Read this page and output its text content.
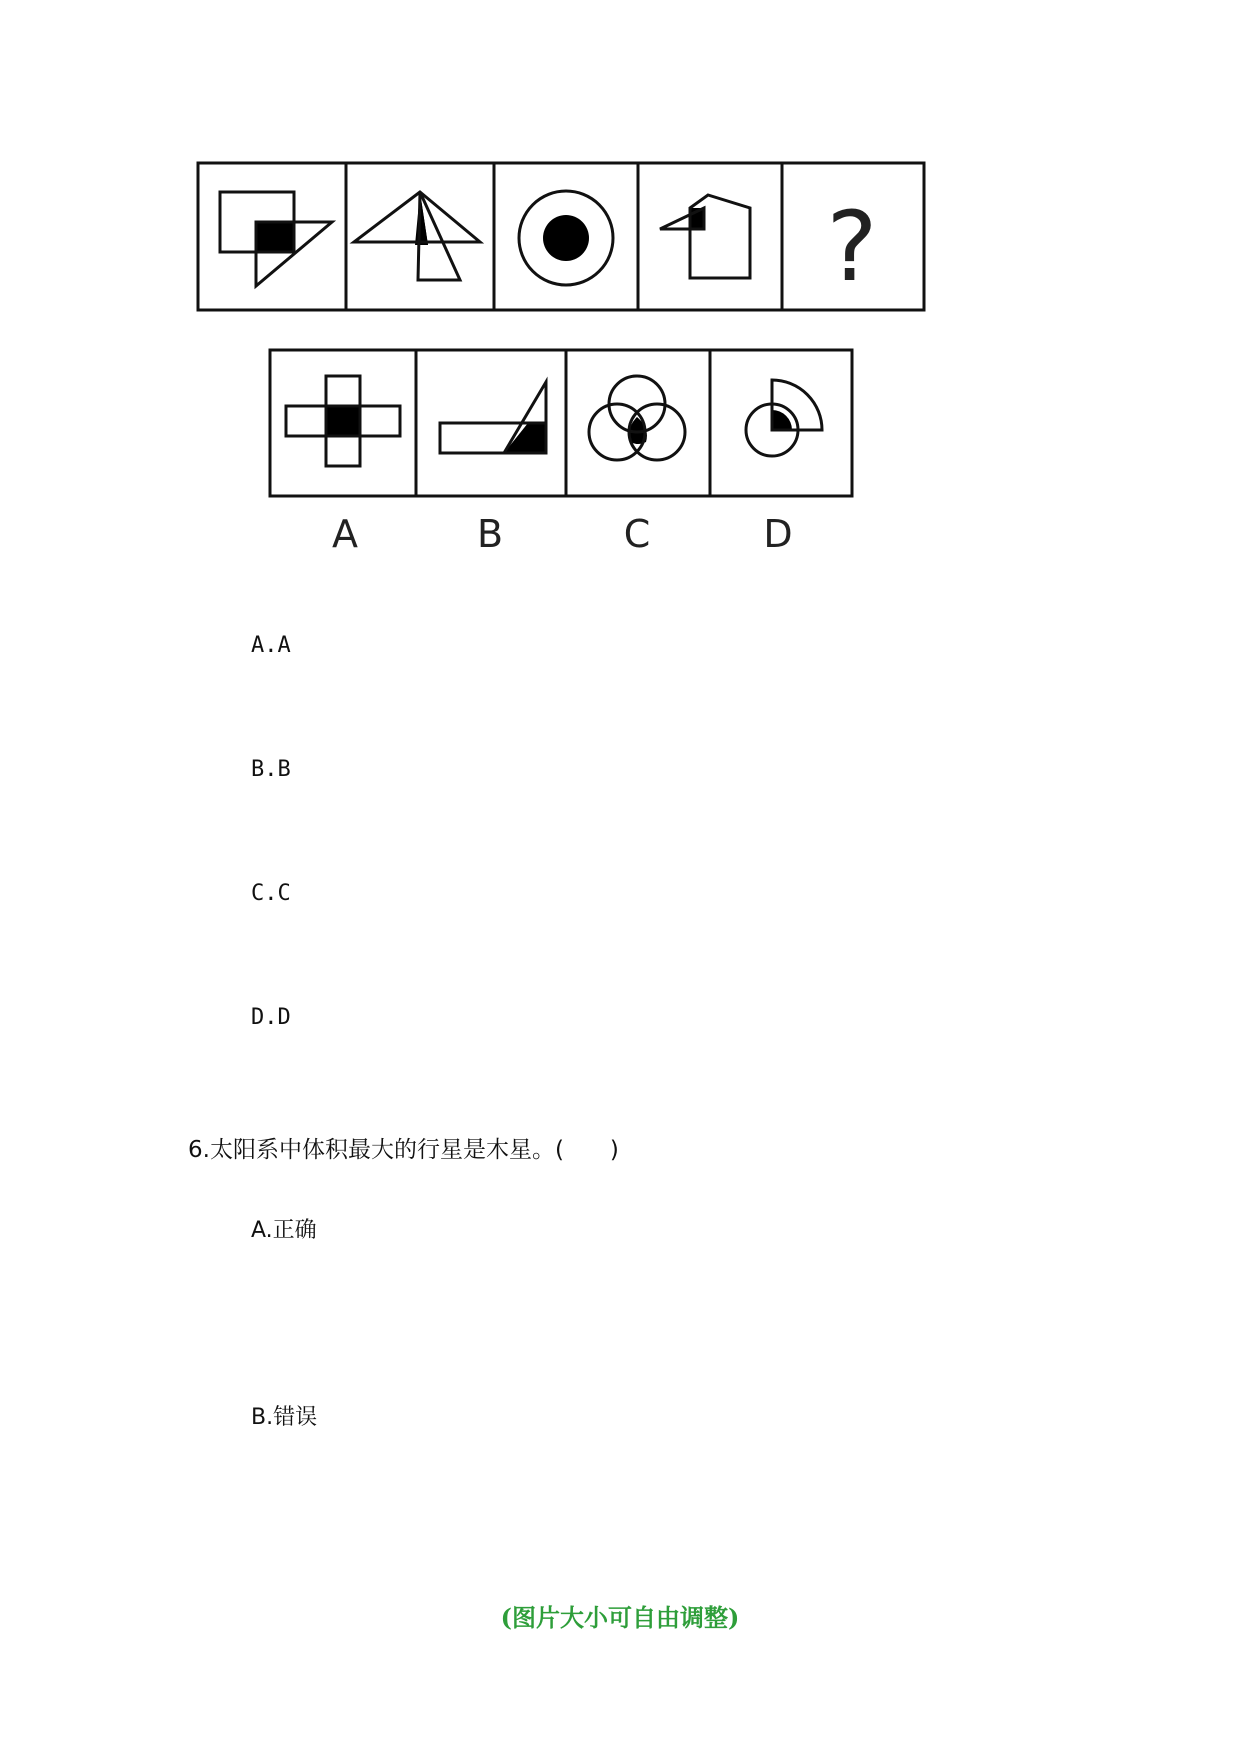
?
A	B	C	D
A.A
B.B
C.C
D.D
6.太阳系中体积最大的行星是木星。(　　)
A.正确
B.错误
(图片大小可自由调整)
